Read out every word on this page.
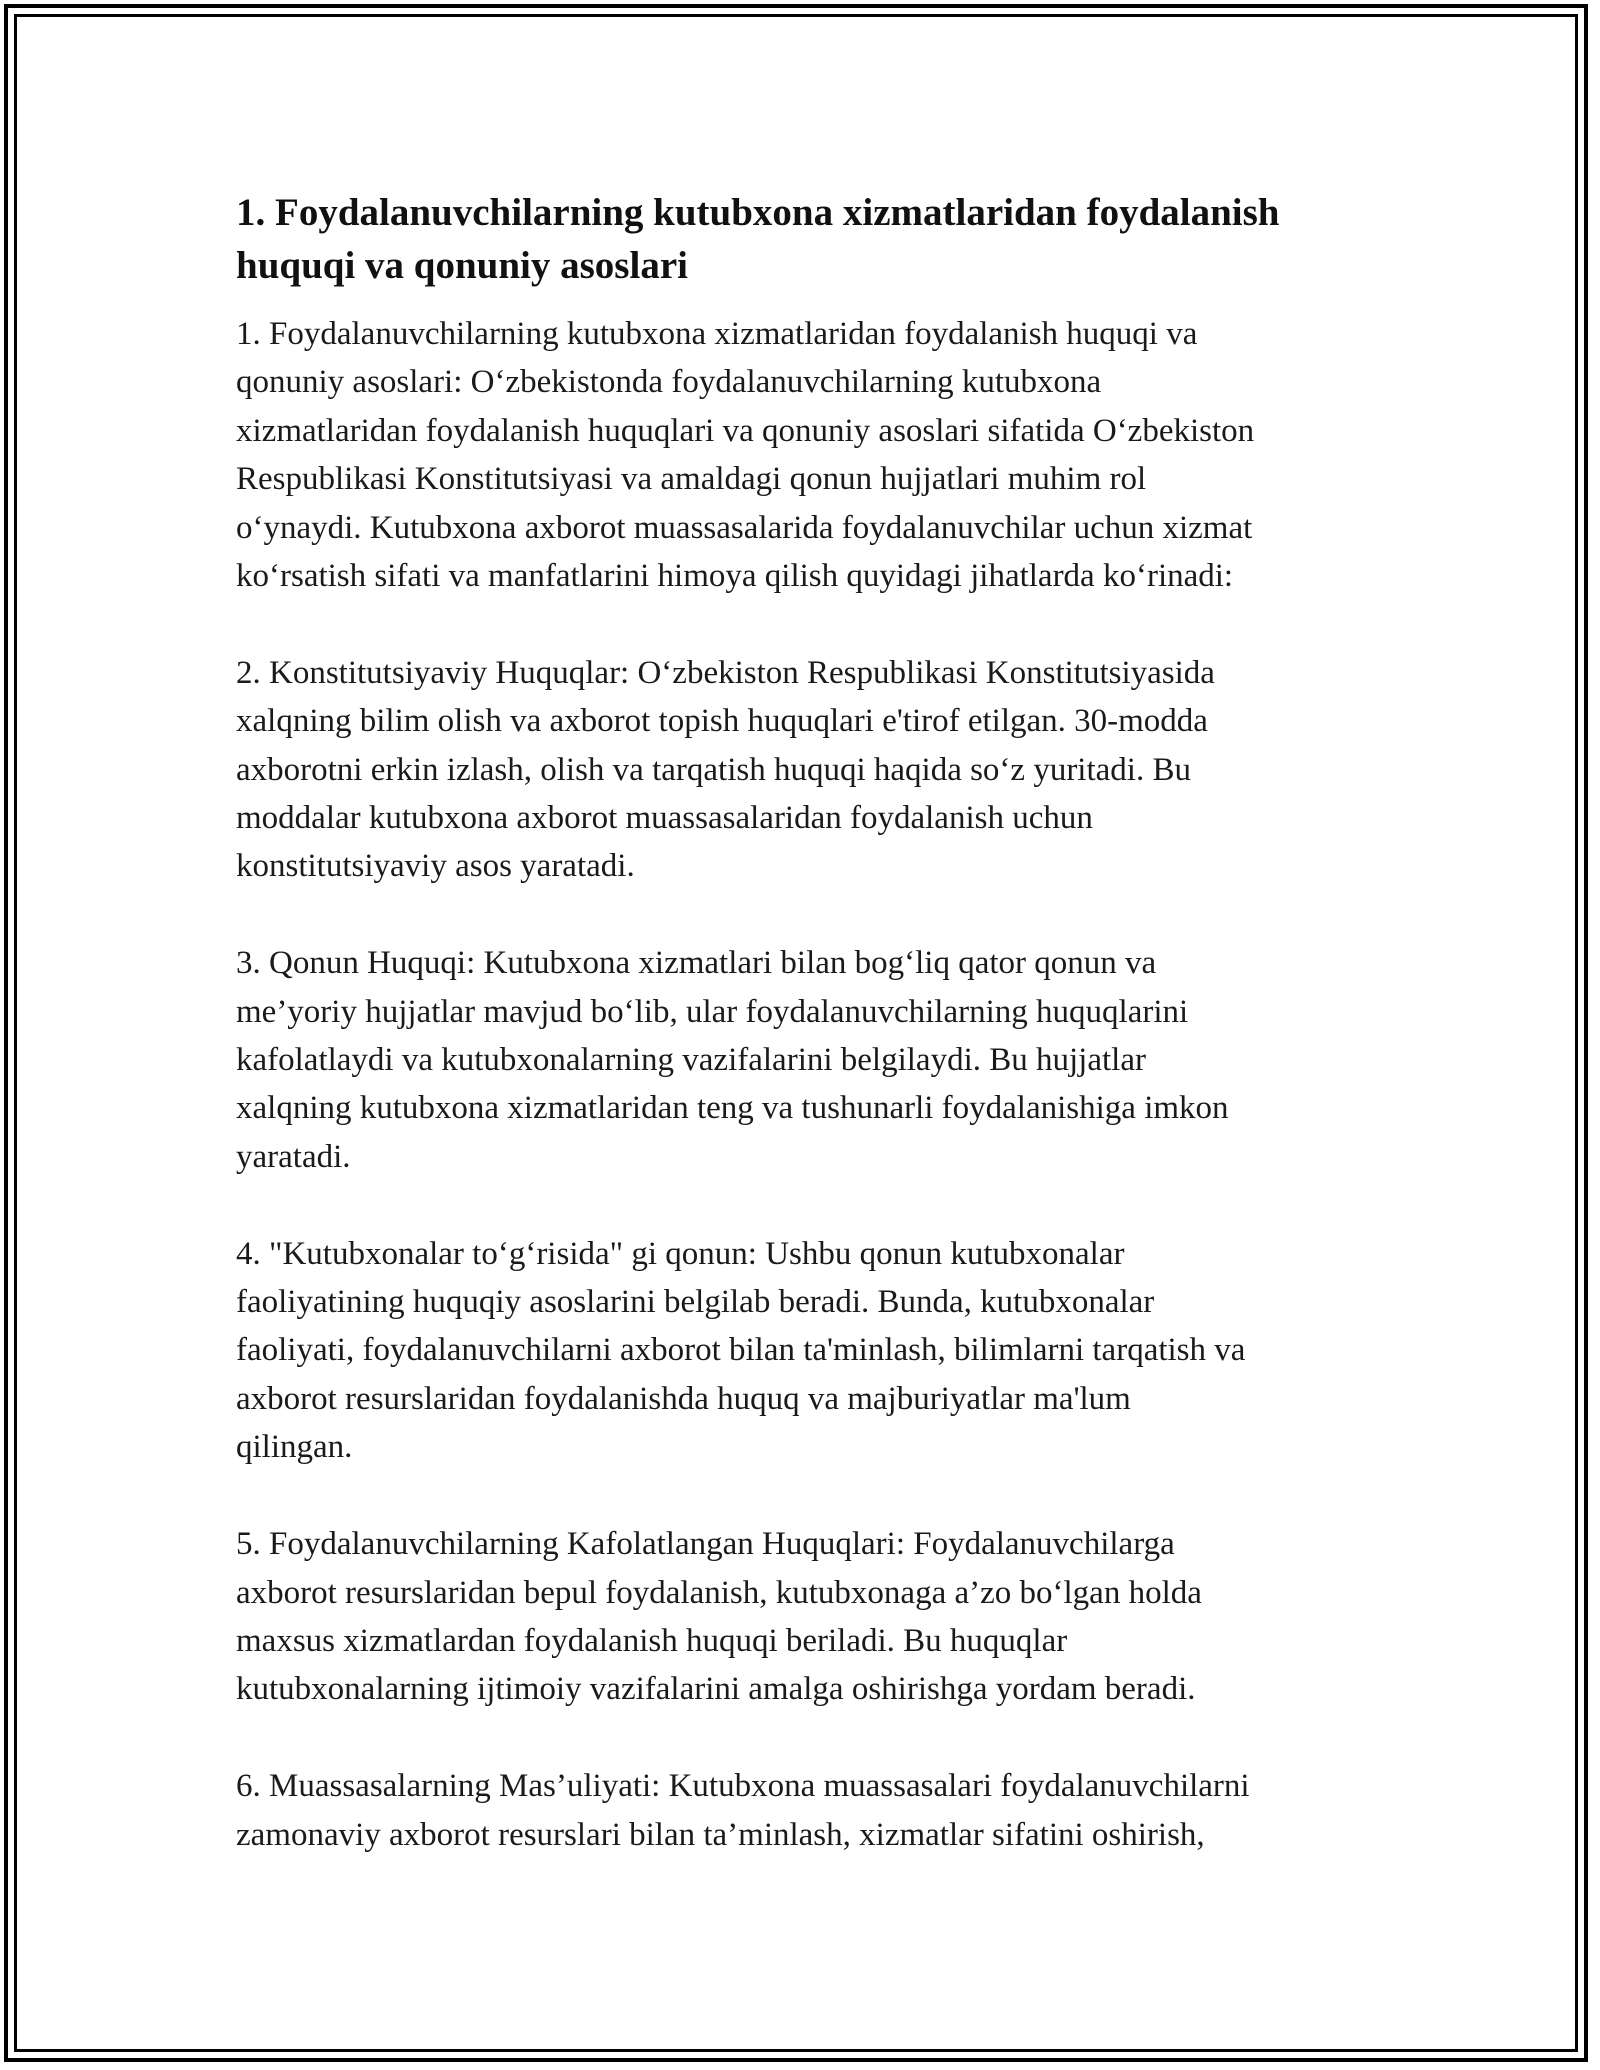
1. Foydalanuvchilarning kutubxona xizmatlaridan foydalanish
huquqi va qonuniy asoslari

1. Foydalanuvchilarning kutubxona xizmatlaridan foydalanish huquqi va
qonuniy asoslari: O‘zbekistonda foydalanuvchilarning kutubxona
xizmatlaridan foydalanish huquqlari va qonuniy asoslari sifatida O‘zbekiston
Respublikasi Konstitutsiyasi va amaldagi qonun hujjatlari muhim rol
o‘ynaydi. Kutubxona axborot muassasalarida foydalanuvchilar uchun xizmat
ko‘rsatish sifati va manfatlarini himoya qilish quyidagi jihatlarda ko‘rinadi:

2. Konstitutsiyaviy Huquqlar: O‘zbekiston Respublikasi Konstitutsiyasida
xalqning bilim olish va axborot topish huquqlari e'tirof etilgan. 30-modda
axborotni erkin izlash, olish va tarqatish huquqi haqida so‘z yuritadi. Bu
moddalar kutubxona axborot muassasalaridan foydalanish uchun
konstitutsiyaviy asos yaratadi.

3. Qonun Huquqi: Kutubxona xizmatlari bilan bog‘liq qator qonun va
me’yoriy hujjatlar mavjud bo‘lib, ular foydalanuvchilarning huquqlarini
kafolatlaydi va kutubxonalarning vazifalarini belgilaydi. Bu hujjatlar
xalqning kutubxona xizmatlaridan teng va tushunarli foydalanishiga imkon
yaratadi.

4. "Kutubxonalar to‘g‘risida" gi qonun: Ushbu qonun kutubxonalar
faoliyatining huquqiy asoslarini belgilab beradi. Bunda, kutubxonalar
faoliyati, foydalanuvchilarni axborot bilan ta'minlash, bilimlarni tarqatish va
axborot resurslaridan foydalanishda huquq va majburiyatlar ma'lum
qilingan.

5. Foydalanuvchilarning Kafolatlangan Huquqlari: Foydalanuvchilarga
axborot resurslaridan bepul foydalanish, kutubxonaga a’zo bo‘lgan holda
maxsus xizmatlardan foydalanish huquqi beriladi. Bu huquqlar
kutubxonalarning ijtimoiy vazifalarini amalga oshirishga yordam beradi.

6. Muassasalarning Mas’uliyati: Kutubxona muassasalari foydalanuvchilarni
zamonaviy axborot resurslari bilan ta’minlash, xizmatlar sifatini oshirish,
